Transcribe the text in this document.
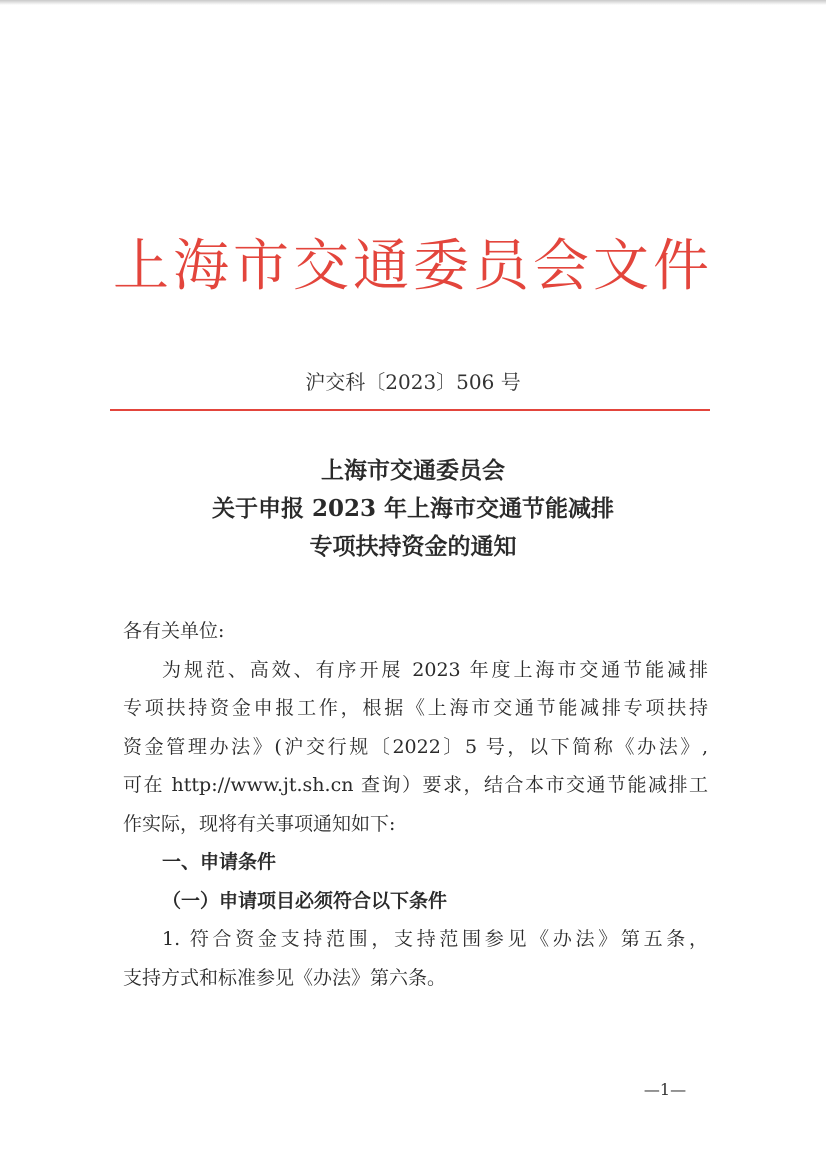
上海市交通委员会文件
沪交科〔2023〕506 号
上海市交通委员会
关于申报 2023 年上海市交通节能减排
专项扶持资金的通知
各有关单位:
为规范、高效、有序开展 2023 年度上海市交通节能减排
专项扶持资金申报工作，根据《上海市交通节能减排专项扶持
资金管理办法》(沪交行规〔2022〕5 号，以下简称《办法》,
可在 http://www.jt.sh.cn 查询）要求，结合本市交通节能减排工
作实际，现将有关事项通知如下:
一、申请条件
（一）申请项目必须符合以下条件
1. 符合资金支持范围，支持范围参见《办法》第五条，
支持方式和标准参见《办法》第六条。
—1—
